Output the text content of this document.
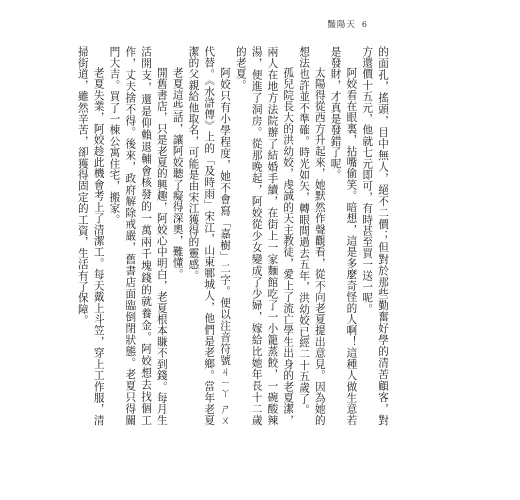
豔陽天 6

的面孔，搖頭，目中無人，絕不二價；但對於那些勤奮好學的清苦顧客，對方還價十五元，他就七元即可，有時甚至買一送一呢。

阿姣看在眼裏，拈嘴偷笑。暗想，這是多麼奇怪的人啊！這種人做生意若是發財，才真是發錯了呢。

太陽得從西方升起來，她默然作聲觀看，從不向老夏提出意見。因為她的想法也許並不準確。時光如矢，轉眼間過去五年，洪幼姣已經二十五歲了。

孤兒院長大的洪幼姣，虔誠的天主教徒，愛上了流亡學生出身的老夏潔，兩人在地方法院辦了結婚手續，在街上一家麵館吃了一小籠蒸餃，一碗酸辣湯，便進了洞房。從那晚起，阿姣從少女變成了少婦，嫁給比她年長十二歲的老夏。

阿姣只有小學程度，她不會寫「嘉樹」二字。便以注音符號ㄐㄧㄚ ㄕㄨ代替。《水滸傳》上的「及時雨」宋江，山東鄆城人，他們是老鄉。當年老夏潔的父親給他取名，可能是由宋江獲得的靈感。

老夏這些話，讓阿姣聽了癡得深奧，難懂。

開舊書店，只是老夏的興趣，阿姣心中明白，老夏根本賺不到錢。每月生活開支，還是仰賴退輔會核發的一萬兩千塊錢的就養金。阿姣想去找個工作，丈夫捨不得。後來，政府解除戒嚴，舊書店面臨倒閉狀態。老夏只得關門大吉。買了一棟公寓住宅，搬家。

老夏失業，阿姣趁此機會考上了清潔工。每天戴上斗笠，穿上工作服，清掃街道，雖然辛苦，卻獲得固定的工資，生活有了保障。
